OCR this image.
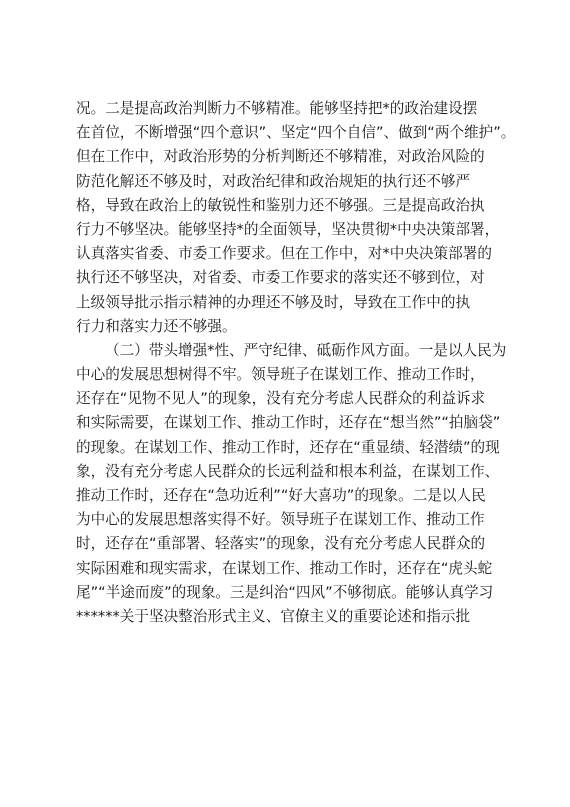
况。二是提高政治判断力不够精准。能够坚持把*的政治建设摆
在首位，不断增强“四个意识”、坚定“四个自信”、做到“两个维护”。
但在工作中，对政治形势的分析判断还不够精准，对政治风险的
防范化解还不够及时，对政治纪律和政治规矩的执行还不够严
格，导致在政治上的敏锐性和鉴别力还不够强。三是提高政治执
行力不够坚决。能够坚持*的全面领导，坚决贯彻*中央决策部署，
认真落实省委、市委工作要求。但在工作中，对*中央决策部署的
执行还不够坚决，对省委、市委工作要求的落实还不够到位，对
上级领导批示指示精神的办理还不够及时，导致在工作中的执
行力和落实力还不够强。
（二）带头增强*性、严守纪律、砥砺作风方面。一是以人民为
中心的发展思想树得不牢。领导班子在谋划工作、推动工作时，
还存在“见物不见人”的现象，没有充分考虑人民群众的利益诉求
和实际需要，在谋划工作、推动工作时，还存在“想当然”“拍脑袋”
的现象。在谋划工作、推动工作时，还存在“重显绩、轻潜绩”的现
象，没有充分考虑人民群众的长远利益和根本利益，在谋划工作、
推动工作时，还存在“急功近利”“好大喜功”的现象。二是以人民
为中心的发展思想落实得不好。领导班子在谋划工作、推动工作
时，还存在“重部署、轻落实”的现象，没有充分考虑人民群众的
实际困难和现实需求，在谋划工作、推动工作时，还存在“虎头蛇
尾”“半途而废”的现象。三是纠治“四风”不够彻底。能够认真学习
******关于坚决整治形式主义、官僚主义的重要论述和指示批
